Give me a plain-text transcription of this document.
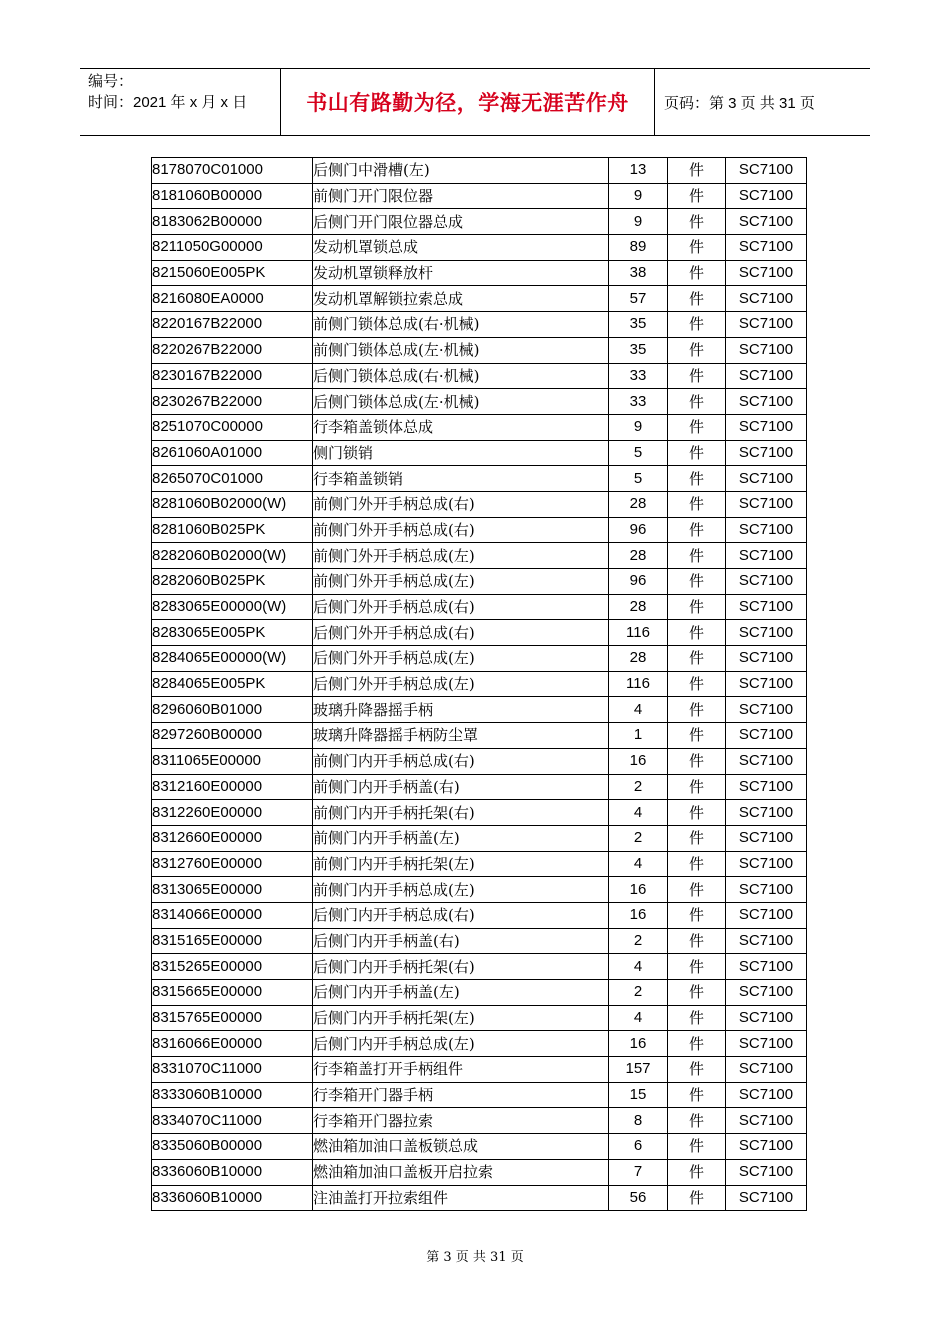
编号：
时间：2021 年 x 月 x 日	书山有路勤为径，学海无涯苦作舟 页码：第 3 页 共 31 页
8178070C01000	后侧门中滑槽(左)	13	件	SC7100
8181060B00000	前侧门开门限位器	9	件	SC7100
8183062B00000	后侧门开门限位器总成	9	件	SC7100
8211050G00000	发动机罩锁总成	89	件	SC7100
8215060E005PK	发动机罩锁释放杆	38	件	SC7100
8216080EA0000	发动机罩解锁拉索总成	57	件	SC7100
8220167B22000	前侧门锁体总成(右·机械)	35	件	SC7100
8220267B22000	前侧门锁体总成(左·机械)	35	件	SC7100
8230167B22000	后侧门锁体总成(右·机械)	33	件	SC7100
8230267B22000	后侧门锁体总成(左·机械)	33	件	SC7100
8251070C00000	行李箱盖锁体总成	9	件	SC7100
8261060A01000	侧门锁销	5	件	SC7100
8265070C01000	行李箱盖锁销	5	件	SC7100
8281060B02000(W)	前侧门外开手柄总成(右)	28	件	SC7100
8281060B025PK	前侧门外开手柄总成(右)	96	件	SC7100
8282060B02000(W)	前侧门外开手柄总成(左)	28	件	SC7100
8282060B025PK	前侧门外开手柄总成(左)	96	件	SC7100
8283065E00000(W)	后侧门外开手柄总成(右)	28	件	SC7100
8283065E005PK	后侧门外开手柄总成(右)	116	件	SC7100
8284065E00000(W)	后侧门外开手柄总成(左)	28	件	SC7100
8284065E005PK	后侧门外开手柄总成(左)	116	件	SC7100
8296060B01000	玻璃升降器摇手柄	4	件	SC7100
8297260B00000	玻璃升降器摇手柄防尘罩	1	件	SC7100
8311065E00000	前侧门内开手柄总成(右)	16	件	SC7100
8312160E00000	前侧门内开手柄盖(右)	2	件	SC7100
8312260E00000	前侧门内开手柄托架(右)	4	件	SC7100
8312660E00000	前侧门内开手柄盖(左)	2	件	SC7100
8312760E00000	前侧门内开手柄托架(左)	4	件	SC7100
8313065E00000	前侧门内开手柄总成(左)	16	件	SC7100
8314066E00000	后侧门内开手柄总成(右)	16	件	SC7100
8315165E00000	后侧门内开手柄盖(右)	2	件	SC7100
8315265E00000	后侧门内开手柄托架(右)	4	件	SC7100
8315665E00000	后侧门内开手柄盖(左)	2	件	SC7100
8315765E00000	后侧门内开手柄托架(左)	4	件	SC7100
8316066E00000	后侧门内开手柄总成(左)	16	件	SC7100
8331070C11000	行李箱盖打开手柄组件	157	件	SC7100
8333060B10000	行李箱开门器手柄	15	件	SC7100
8334070C11000	行李箱开门器拉索	8	件	SC7100
8335060B00000	燃油箱加油口盖板锁总成	6	件	SC7100
8336060B10000	燃油箱加油口盖板开启拉索	7	件	SC7100
8336060B10000	注油盖打开拉索组件	56	件	SC7100
第 3 页 共 31 页
